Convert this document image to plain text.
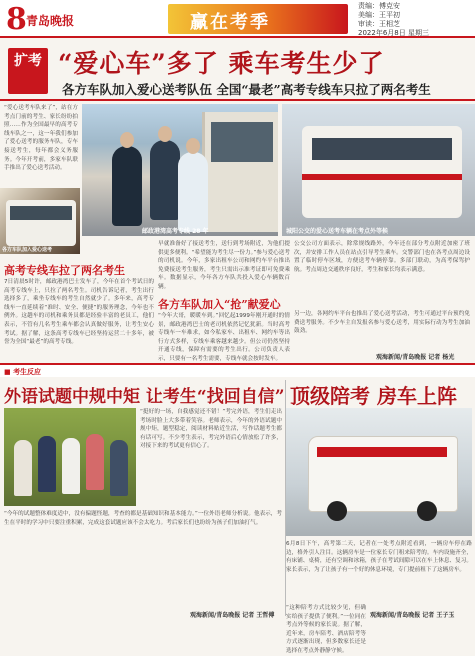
8 青岛晚报	赢在考季
责编：傅克安
美编：王平初
审读：王相芝
2022年6月8日 星期三
扩考 “爱心车”多了 乘车考生少了
各方车队加入爱心送考队伍 全国“最老”高考专线车只拉了两名考生
“爱心送考车队来了”，站在方考点门前的考生、家长纷纷拍照……作为全国最早的高考专线车队之一，这一年我们参加了爱心送考的服务车队，专车接送考生，每年都会义务服务。今年开考前，多家车队联手推出了爱心送考活动。
邮政港湾高考专线 28 年	城阳公交的爱心送考车辆在考点外等候
各方车队加入爱心送考
高考专线车拉了两名考生
7日清晨5时许，邮政港湾巴士发车了，今年在首个考试日的高考专线车上，只拉了两名考生。司机告诉记者，考生出行选择多了，乘坐专线车的考生自然就少了。多年来，高考专线车一直延续着“准时、安全、便捷”的服务理念，今年也不例外。这趟车的司机和乘务员都是经验丰富的老员工，他们表示，不管有几名考生乘车都会认真做好服务，让考生安心考试。据了解，这条高考专线车已经坚持运营二十多年，被誉为全国“最老”的高考专线。
早就准备好了接送考生，送行到考场附近，为他们提供更多便利。“希望能为考生尽一份力。”参与爱心送考的司机说。今年，多家出租车公司和网约车平台推出免费接送考生服务，考生只需出示准考证即可免费乘车。数据显示，今年各方车队共投入爱心车辆数百辆。
各方车队加入“抢”献爱心
“今年大哥，暖暖车到。”回忆起1999年刚开通时的情景，邮政港湾巴士的老司机依然记忆犹新。当时高考专线车一车难求，如今私家车、出租车、网约车等出行方式多样，专线车乘客越来越少。但公司仍然坚持开通专线，保障有需要的考生出行。公司负责人表示，只要有一名考生需要，专线车就会按时发车。
公交公司方面表示，除常规线路外，今年还在部分考点附近加密了班次，并安排工作人员在站点引导考生乘车。交警部门也在各考点周边设置了临时停车区域，方便送考车辆停靠。多部门联动，为高考保驾护航。考点周边交通秩序良好，考生和家长均表示满意。
另一边，各网约车平台也推出了爱心送考活动，考生可通过平台预约免费送考服务。不少车主自发报名参与爱心送考，用实际行动为考生加油鼓劲。
观海新闻/青岛晚报 记者 杨光
■ 考生反应
外语试题中规中矩 让考生“找回自信”
“挺好的一场，自我感觉还不错！”考完外语，考生们走出考场时脸上大多带着笑容。老师表示，今年的外语试题中规中矩，题型稳定，阅读材料贴近生活，写作话题考生都有话可写。不少考生表示，考完外语后心情放松了许多，对接下来的考试更有信心了。
“今年的试题整体难度适中，没有偏题怪题，考查的都是基础知识和基本能力。”一位外语老师分析说。他表示，考生在平时的学习中只要注重积累，完成这套试题应该不会太吃力。考后家长们也纷纷为孩子们加油打气。
观海新闻/青岛晚报 记者 王哲傅
顶级陪考 房车上阵
6月8日下午，高考第二天，记者在一处考点附近看到，一辆房车停在路边，格外引人注目。这辆房车是一位家长专门租来陪考的。车内设施齐全，有床铺、桌椅，还有空调和冰箱，孩子在考试间隙可以在车上休息、复习。家长表示，为了让孩子有一个好的休息环境，专门提前租下了这辆房车。
观海新闻/青岛晚报 记者 王子玉
“这种陪考方式比较少见，但确实给孩子提供了便利。”一位同在考点外等候的家长说。据了解，近年来，房车陪考、酒店陪考等方式逐渐出现，但多数家长还是选择在考点外静静守候。
